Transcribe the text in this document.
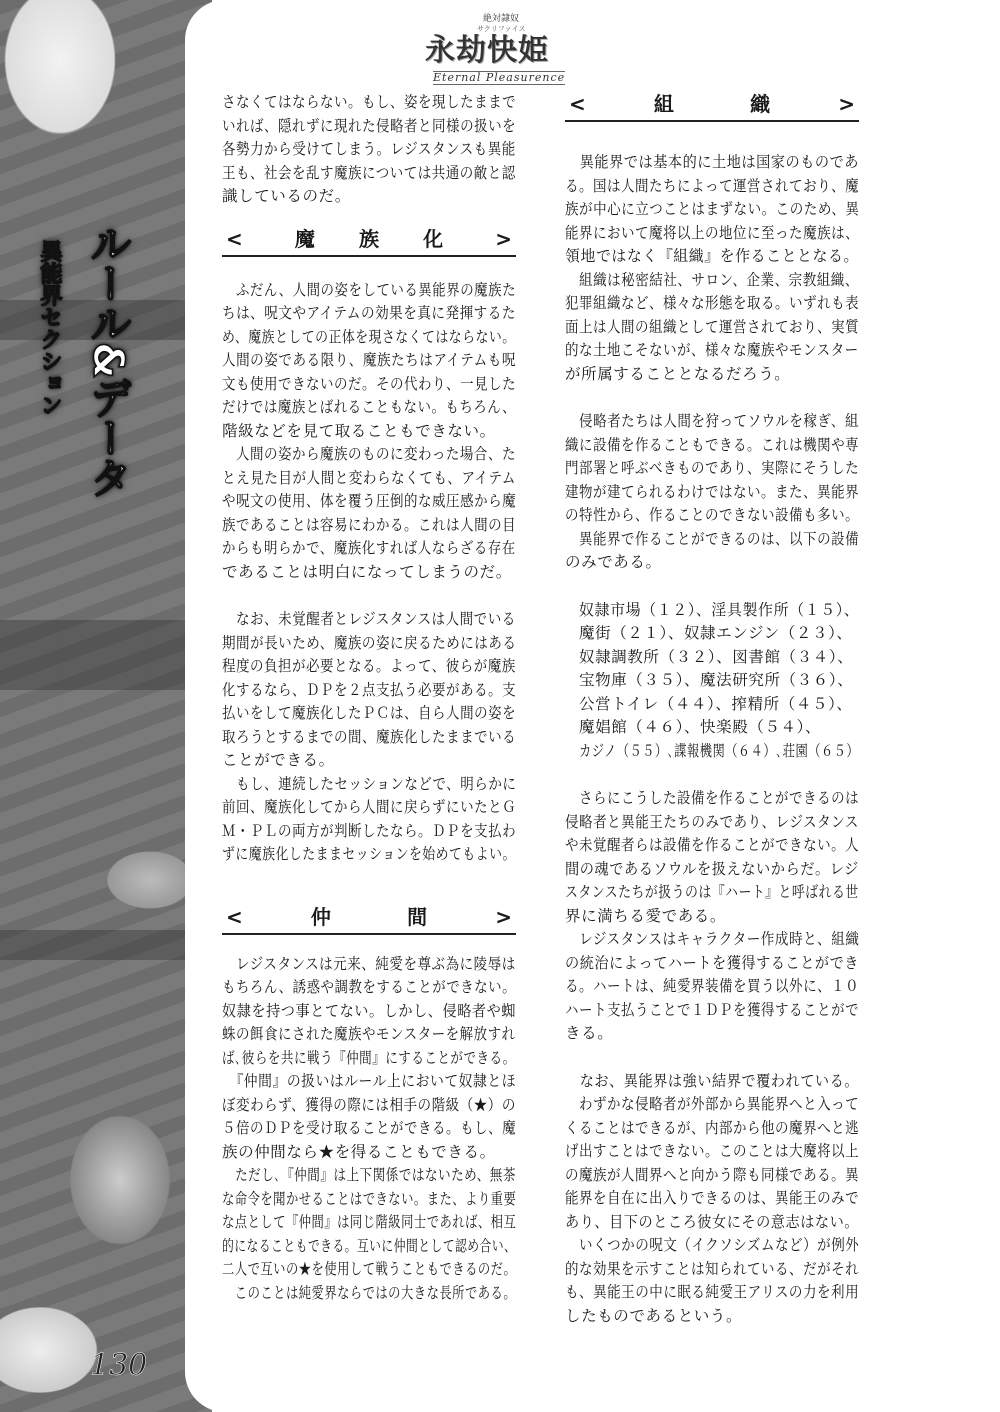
ルール&データ
異能界セクション
130
絶対隷奴
サクリファイス
永劫快姫
Eternal Pleasurence
さなくてはならない。もし、姿を現したままで
いれば、隠れずに現れた侵略者と同様の扱いを
各勢力から受けてしまう。レジスタンスも異能
王も、社会を乱す魔族については共通の敵と認
識しているのだ。
<	魔 族 化	>
　ふだん、人間の姿をしている異能界の魔族た
ちは、呪文やアイテムの効果を真に発揮するた
め、魔族としての正体を現さなくてはならない。
人間の姿である限り、魔族たちはアイテムも呪
文も使用できないのだ。その代わり、一見した
だけでは魔族とばれることもない。もちろん、
階級などを見て取ることもできない。
　人間の姿から魔族のものに変わった場合、た
とえ見た目が人間と変わらなくても、アイテム
や呪文の使用、体を覆う圧倒的な威圧感から魔
族であることは容易にわかる。これは人間の目
からも明らかで、魔族化すれば人ならざる存在
であることは明白になってしまうのだ。
　なお、未覚醒者とレジスタンスは人間でいる
期間が長いため、魔族の姿に戻るためにはある
程度の負担が必要となる。よって、彼らが魔族
化するなら、ＤＰを２点支払う必要がある。支
払いをして魔族化したＰＣは、自ら人間の姿を
取ろうとするまでの間、魔族化したままでいる
ことができる。
　もし、連続したセッションなどで、明らかに
前回、魔族化してから人間に戻らずにいたとＧ
Ｍ・ＰＬの両方が判断したなら。ＤＰを支払わ
ずに魔族化したままセッションを始めてもよい。
<	仲	間	>
　レジスタンスは元来、純愛を尊ぶ為に陵辱は
もちろん、誘惑や調教をすることができない。
奴隷を持つ事とてない。しかし、侵略者や蜘
蛛の餌食にされた魔族やモンスターを解放すれ
ば､彼らを共に戦う『仲間』にすることができる。
　『仲間』の扱いはルール上において奴隷とほ
ぼ変わらず、獲得の際には相手の階級（★）の
５倍のＤＰを受け取ることができる。もし、魔
族の仲間なら★を得ることもできる。
　ただし､『仲間』は上下関係ではないため、無茶
な命令を聞かせることはできない。また、より重要
な点として『仲間』は同じ階級同士であれば、相互
的になることもできる。互いに仲間として認め合い、
二人で互いの★を使用して戦うこともできるのだ。
　このことは純愛界ならではの大きな長所である。
<	組	織	>
　異能界では基本的に土地は国家のものであ
る。国は人間たちによって運営されており、魔
族が中心に立つことはまずない。このため、異
能界において魔将以上の地位に至った魔族は、
領地ではなく『組織』を作ることとなる。
　組織は秘密結社、サロン、企業、宗教組織、
犯罪組織など、様々な形態を取る。いずれも表
面上は人間の組織として運営されており、実質
的な土地こそないが、様々な魔族やモンスター
が所属することとなるだろう。
　侵略者たちは人間を狩ってソウルを稼ぎ、組
織に設備を作ることもできる。これは機関や専
門部署と呼ぶべきものであり、実際にそうした
建物が建てられるわけではない。また、異能界
の特性から、作ることのできない設備も多い。
　異能界で作ることができるのは、以下の設備
のみである。
奴隷市場（１２）、淫具製作所（１５）、
魔街（２１）、奴隷エンジン（２３）、
奴隷調教所（３２）、図書館（３４）、
宝物庫（３５）、魔法研究所（３６）、
公営トイレ（４４）、搾精所（４５）、
魔娼館（４６）、快楽殿（５４）、
カジノ（５５）､諜報機関（６４）､荘園（６５）
　さらにこうした設備を作ることができるのは
侵略者と異能王たちのみであり、レジスタンス
や未覚醒者らは設備を作ることができない。人
間の魂であるソウルを扱えないからだ。レジ
スタンスたちが扱うのは『ハート』と呼ばれる世
界に満ちる愛である。
　レジスタンスはキャラクター作成時と、組織
の統治によってハートを獲得することができ
る。ハートは、純愛界装備を買う以外に、１０
ハート支払うことで１ＤＰを獲得することがで
きる。
　なお、異能界は強い結界で覆われている。
　わずかな侵略者が外部から異能界へと入って
くることはできるが、内部から他の魔界へと逃
げ出すことはできない。このことは大魔将以上
の魔族が人間界へと向かう際も同様である。異
能界を自在に出入りできるのは、異能王のみで
あり、目下のところ彼女にその意志はない。
　いくつかの呪文（イクソシズムなど）が例外
的な効果を示すことは知られている、だがそれ
も、異能王の中に眠る純愛王アリスの力を利用
したものであるという。
